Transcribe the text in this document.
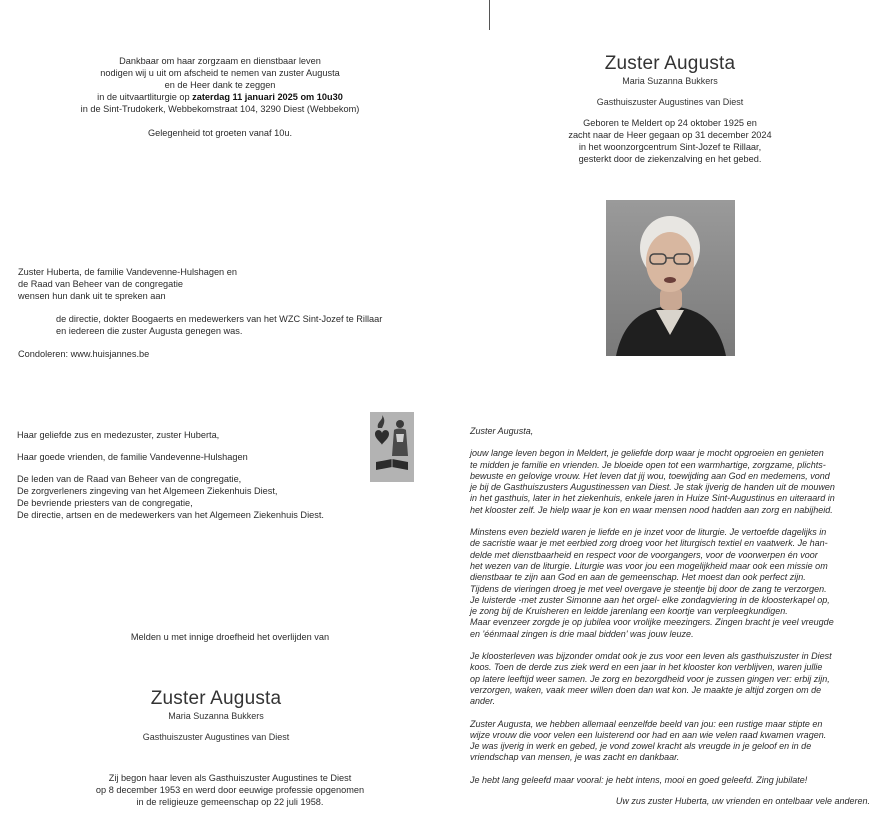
Dankbaar om haar zorgzaam en dienstbaar leven
nodigen wij u uit om afscheid te nemen van zuster Augusta
en de Heer dank te zeggen
in de uitvaartliturgie op zaterdag 11 januari 2025 om 10u30
in de Sint-Trudokerk, Webbekomstraat 104, 3290 Diest (Webbekom)
Gelegenheid tot groeten vanaf 10u.
Zuster Huberta, de familie Vandevenne-Hulshagen en
de Raad van Beheer van de congregatie
wensen hun dank uit te spreken aan
de directie, dokter Boogaerts en medewerkers van het WZC Sint-Jozef te Rillaar
en iedereen die zuster Augusta genegen was.
Condoleren: www.huisjannes.be
Zuster Augusta
Maria Suzanna Bukkers
Gasthuiszuster Augustines van Diest
Geboren te Meldert op 24 oktober 1925 en
zacht naar de Heer gegaan op 31 december 2024
in het woonzorgcentrum Sint-Jozef te Rillaar,
gesterkt door de ziekenzalving en het gebed.
Haar geliefde zus en medezuster, zuster Huberta,
Haar goede vrienden, de familie Vandevenne-Hulshagen
De leden van de Raad van Beheer van de congregatie,
De zorgverleners zingeving van het Algemeen Ziekenhuis Diest,
De bevriende priesters van de congregatie,
De directie, artsen en de medewerkers van het Algemeen Ziekenhuis Diest.
Melden u met innige droefheid het overlijden van
Zuster Augusta
Maria Suzanna Bukkers
Gasthuiszuster Augustines van Diest
Zij begon haar leven als Gasthuiszuster Augustines te Diest
op 8 december 1953 en werd door eeuwige professie opgenomen
in de religieuze gemeenschap op 22 juli 1958.
Zuster Augusta,
jouw lange leven begon in Meldert, je geliefde dorp waar je mocht opgroeien en genieten
te midden je familie en vrienden. Je bloeide open tot een warmhartige, zorgzame, plichts-
bewuste en gelovige vrouw. Het leven dat jij wou, toewijding aan God en medemens, vond
je bij de Gasthuiszusters Augustinessen van Diest. Je stak ijverig de handen uit de mouwen
in het gasthuis, later in het ziekenhuis, enkele jaren in Huize Sint-Augustinus en uiteraard in
het klooster zelf. Je hielp waar je kon en waar mensen nood hadden aan zorg en nabijheid.
Minstens even bezield waren je liefde en je inzet voor de liturgie. Je vertoefde dagelijks in
de sacristie waar je met eerbied zorg droeg voor het liturgisch textiel en vaatwerk. Je han-
delde met dienstbaarheid en respect voor de voorgangers, voor de voorwerpen én voor
het wezen van de liturgie. Liturgie was voor jou een mogelijkheid maar ook een missie om
dienstbaar te zijn aan God en aan de gemeenschap. Het moest dan ook perfect zijn.
Tijdens de vieringen droeg je met veel overgave je steentje bij door de zang te verzorgen.
Je luisterde -met zuster Simonne aan het orgel- elke zondagviering in de kloosterkapel op,
je zong bij de Kruisheren en leidde jarenlang een koortje van verpleegkundigen.
Maar evenzeer zorgde je op jubilea voor vrolijke meezingers. Zingen bracht je veel vreugde
en 'éénmaal zingen is drie maal bidden' was jouw leuze.
Je kloosterleven was bijzonder omdat ook je zus voor een leven als gasthuiszuster in Diest
koos. Toen de derde zus ziek werd en een jaar in het klooster kon verblijven, waren jullie
op latere leeftijd weer samen. Je zorg en bezorgdheid voor je zussen gingen ver: erbij zijn,
verzorgen, waken, vaak meer willen doen dan wat kon. Je maakte je altijd zorgen om de
ander.
Zuster Augusta, we hebben allemaal eenzelfde beeld van jou: een rustige maar stipte en
wijze vrouw die voor velen een luisterend oor had en aan wie velen raad kwamen vragen.
Je was ijverig in werk en gebed, je vond zowel kracht als vreugde in je geloof en in de
vriendschap van mensen, je was zacht en dankbaar.
Je hebt lang geleefd maar vooral: je hebt intens, mooi en goed geleefd. Zing jubilate!
Uw zus zuster Huberta, uw vrienden en ontelbaar vele anderen.
